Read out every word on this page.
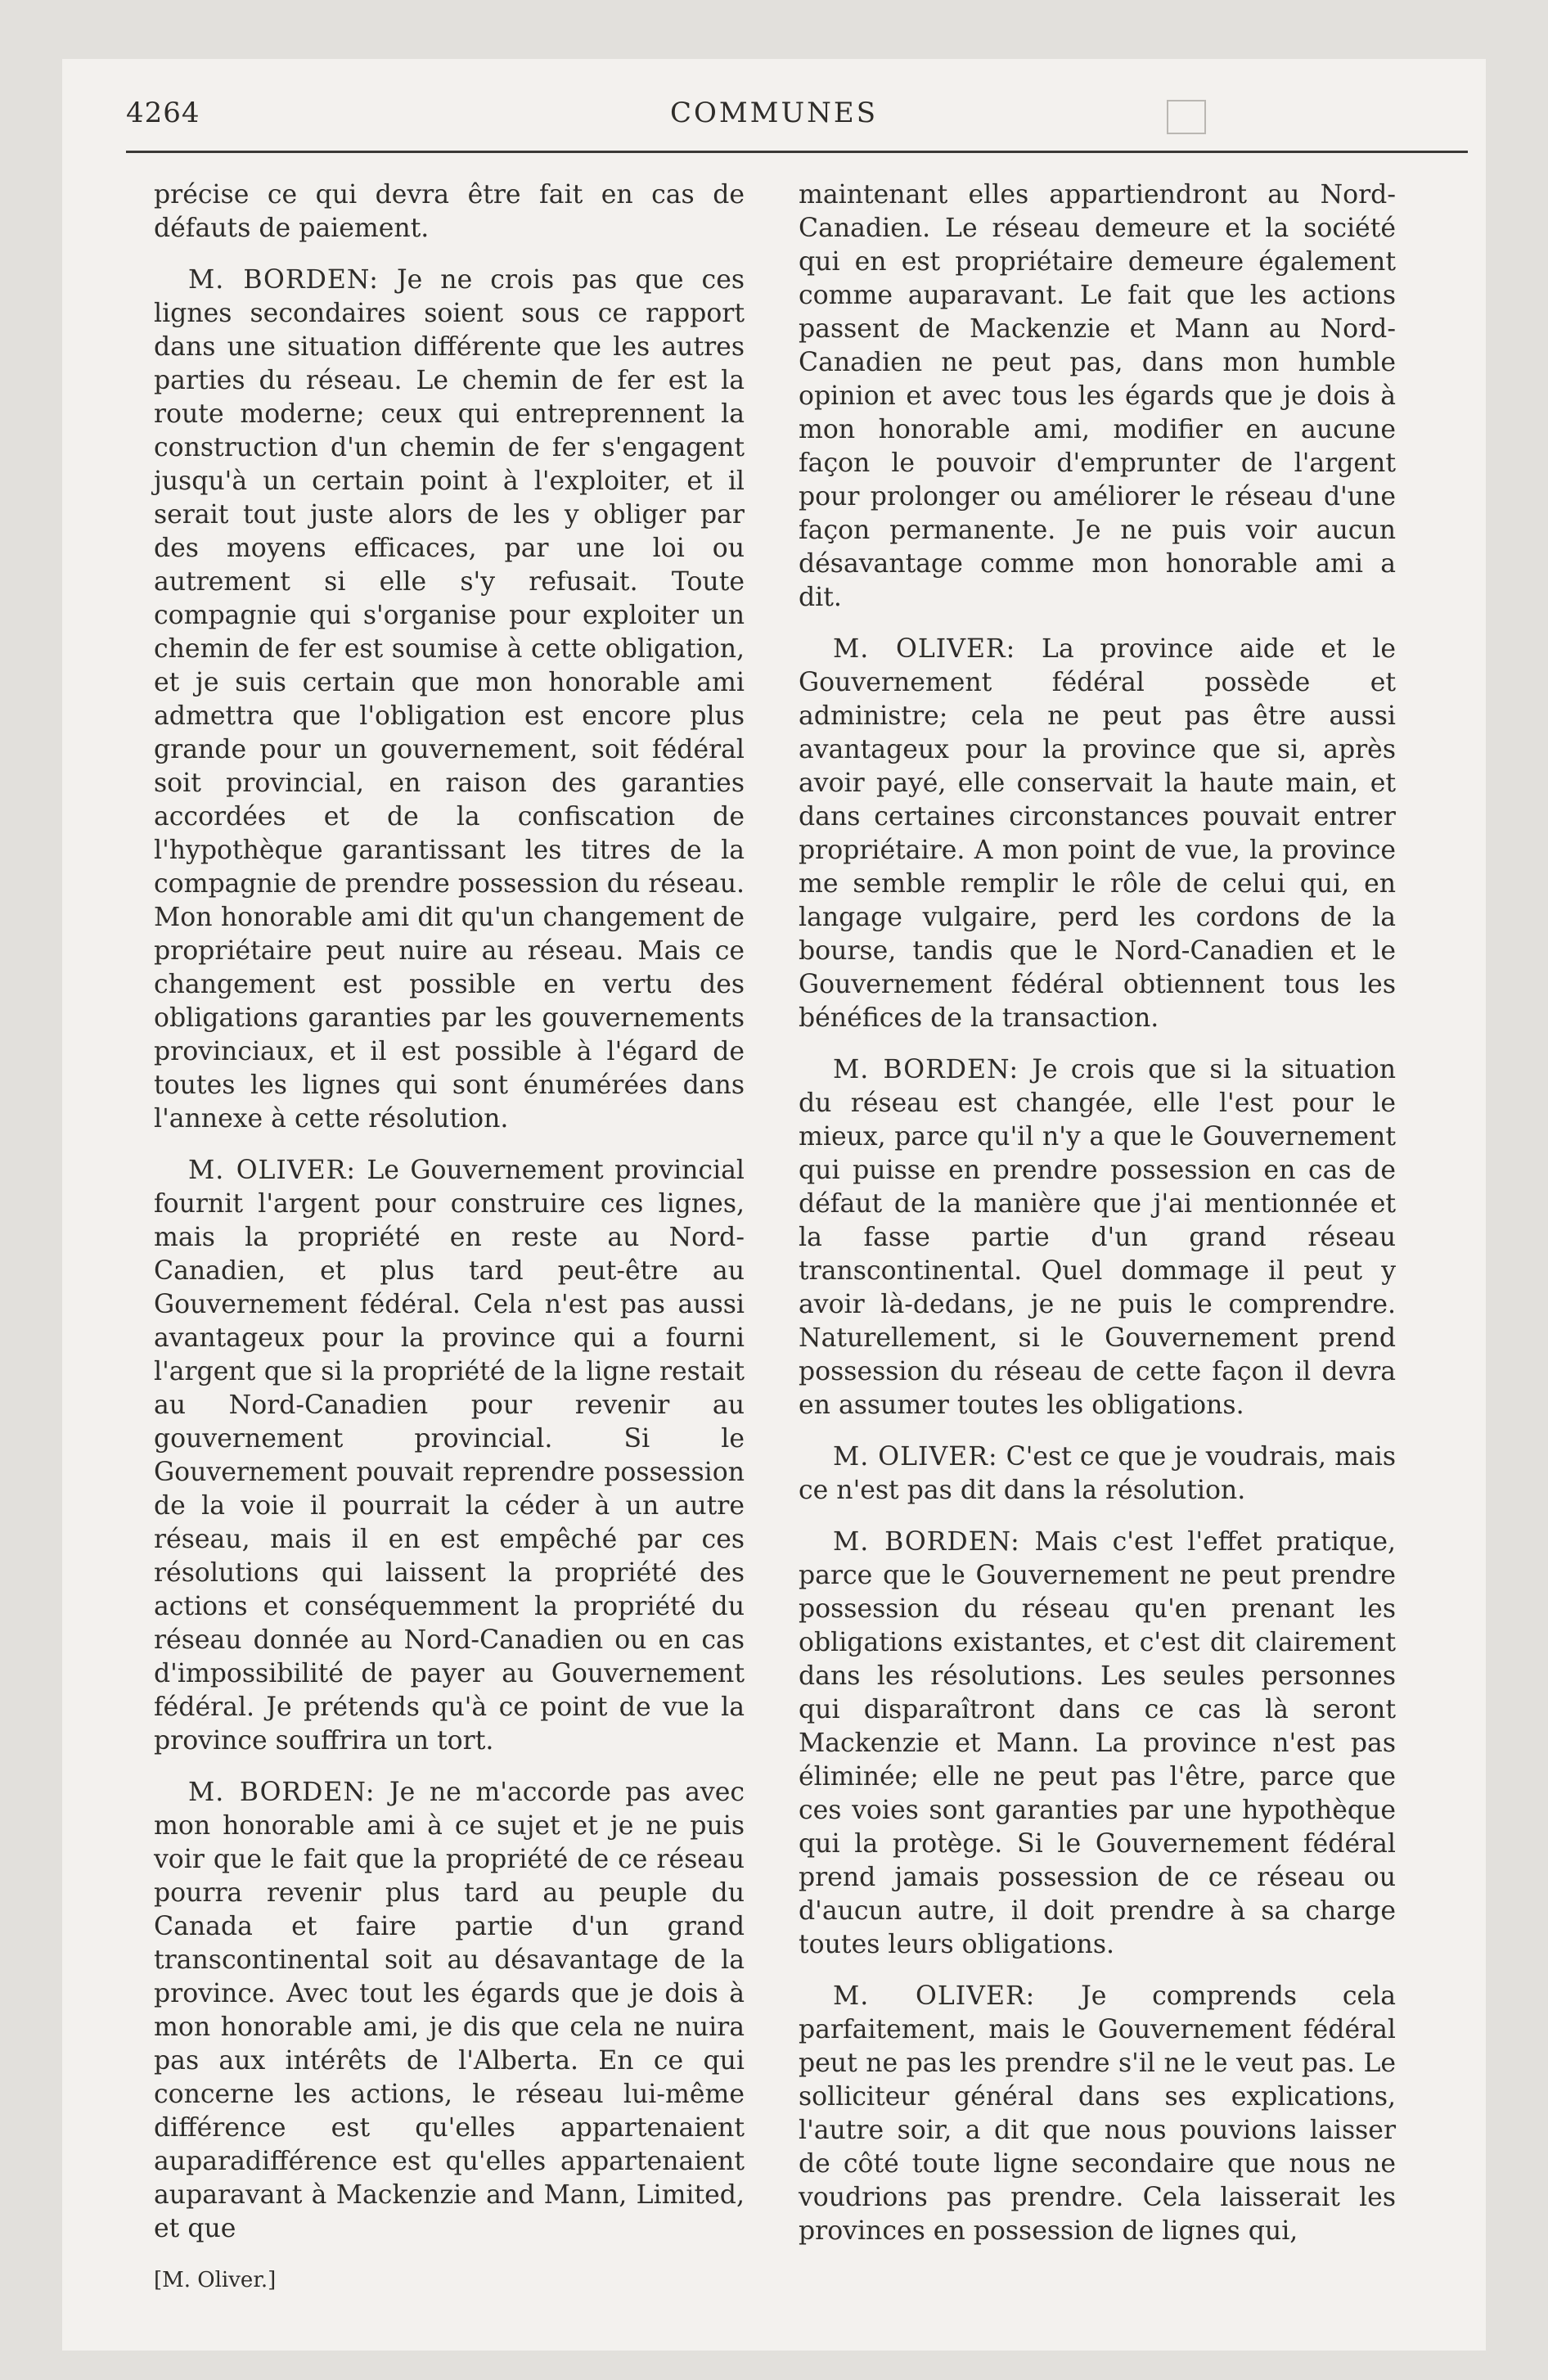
4264	COMMUNES

précise ce qui devra être fait en cas de défauts de paiement.

M. BORDEN: Je ne crois pas que ces lignes secondaires soient sous ce rapport dans une situation différente que les autres parties du réseau. Le chemin de fer est la route moderne; ceux qui entreprennent la construction d'un chemin de fer s'engagent jusqu'à un certain point à l'exploiter, et il serait tout juste alors de les y obliger par des moyens efficaces, par une loi ou autrement si elle s'y refusait. Toute compagnie qui s'organise pour exploiter un chemin de fer est soumise à cette obligation, et je suis certain que mon honorable ami admettra que l'obligation est encore plus grande pour un gouvernement, soit fédéral soit provincial, en raison des garanties accordées et de la confiscation de l'hypothèque garantissant les titres de la compagnie de prendre possession du réseau. Mon honorable ami dit qu'un changement de propriétaire peut nuire au réseau. Mais ce changement est possible en vertu des obligations garanties par les gouvernements provinciaux, et il est possible à l'égard de toutes les lignes qui sont énumérées dans l'annexe à cette résolution.

M. OLIVER: Le Gouvernement provincial fournit l'argent pour construire ces lignes, mais la propriété en reste au Nord-Canadien, et plus tard peut-être au Gouvernement fédéral. Cela n'est pas aussi avantageux pour la province qui a fourni l'argent que si la propriété de la ligne restait au Nord-Canadien pour revenir au gouvernement provincial. Si le Gouvernement pouvait reprendre possession de la voie il pourrait la céder à un autre réseau, mais il en est empêché par ces résolutions qui laissent la propriété des actions et conséquemment la propriété du réseau donnée au Nord-Canadien ou en cas d'impossibilité de payer au Gouvernement fédéral. Je prétends qu'à ce point de vue la province souffrira un tort.

M. BORDEN: Je ne m'accorde pas avec mon honorable ami à ce sujet et je ne puis voir que le fait que la propriété de ce réseau pourra revenir plus tard au peuple du Canada et faire partie d'un grand transcontinental soit au désavantage de la province. Avec tout les égards que je dois à mon honorable ami, je dis que cela ne nuira pas aux intérêts de l'Alberta. En ce qui concerne les actions, le réseau lui-même différence est qu'elles appartenaient auparadifférence est qu'elles appartenaient auparavant à Mackenzie and Mann, Limited, et que

[M. Oliver.]

maintenant elles appartiendront au Nord-Canadien. Le réseau demeure et la société qui en est propriétaire demeure également comme auparavant. Le fait que les actions passent de Mackenzie et Mann au Nord-Canadien ne peut pas, dans mon humble opinion et avec tous les égards que je dois à mon honorable ami, modifier en aucune façon le pouvoir d'emprunter de l'argent pour prolonger ou améliorer le réseau d'une façon permanente. Je ne puis voir aucun désavantage comme mon honorable ami a dit.

M. OLIVER: La province aide et le Gouvernement fédéral possède et administre; cela ne peut pas être aussi avantageux pour la province que si, après avoir payé, elle conservait la haute main, et dans certaines circonstances pouvait entrer propriétaire. A mon point de vue, la province me semble remplir le rôle de celui qui, en langage vulgaire, perd les cordons de la bourse, tandis que le Nord-Canadien et le Gouvernement fédéral obtiennent tous les bénéfices de la transaction.

M. BORDEN: Je crois que si la situation du réseau est changée, elle l'est pour le mieux, parce qu'il n'y a que le Gouvernement qui puisse en prendre possession en cas de défaut de la manière que j'ai mentionnée et la fasse partie d'un grand réseau transcontinental. Quel dommage il peut y avoir là-dedans, je ne puis le comprendre. Naturellement, si le Gouvernement prend possession du réseau de cette façon il devra en assumer toutes les obligations.

M. OLIVER: C'est ce que je voudrais, mais ce n'est pas dit dans la résolution.

M. BORDEN: Mais c'est l'effet pratique, parce que le Gouvernement ne peut prendre possession du réseau qu'en prenant les obligations existantes, et c'est dit clairement dans les résolutions. Les seules personnes qui disparaîtront dans ce cas là seront Mackenzie et Mann. La province n'est pas éliminée; elle ne peut pas l'être, parce que ces voies sont garanties par une hypothèque qui la protège. Si le Gouvernement fédéral prend jamais possession de ce réseau ou d'aucun autre, il doit prendre à sa charge toutes leurs obligations.

M. OLIVER: Je comprends cela parfaitement, mais le Gouvernement fédéral peut ne pas les prendre s'il ne le veut pas. Le solliciteur général dans ses explications, l'autre soir, a dit que nous pouvions laisser de côté toute ligne secondaire que nous ne voudrions pas prendre. Cela laisserait les provinces en possession de lignes qui,
